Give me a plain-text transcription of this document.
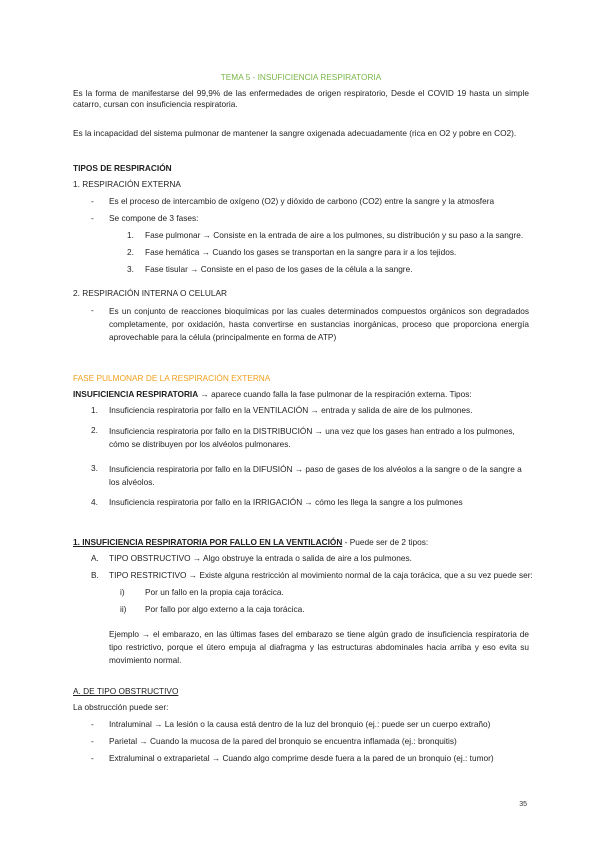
TEMA 5 - INSUFICIENCIA RESPIRATORIA
Es la forma de manifestarse del 99,9% de las enfermedades de origen respiratorio, Desde el COVID 19 hasta un simple catarro, cursan con insuficiencia respiratoria.
Es la incapacidad del sistema pulmonar de mantener la sangre oxigenada adecuadamente (rica en O2 y pobre en CO2).
TIPOS DE RESPIRACIÓN
1. RESPIRACIÓN EXTERNA
- Es el proceso de intercambio de oxígeno (O2) y dióxido de carbono (CO2) entre la sangre y la atmosfera
- Se compone de 3 fases:
1. Fase pulmonar → Consiste en la entrada de aire a los pulmones, su distribución y su paso a la sangre.
2. Fase hemática → Cuando los gases se transportan en la sangre para ir a los tejidos.
3. Fase tisular → Consiste en el paso de los gases de la célula a la sangre.
2. RESPIRACIÓN INTERNA O CELULAR
- Es un conjunto de reacciones bioquímicas por las cuales determinados compuestos orgánicos son degradados completamente, por oxidación, hasta convertirse en sustancias inorgánicas, proceso que proporciona energía aprovechable para la célula (principalmente en forma de ATP)
FASE PULMONAR DE LA RESPIRACIÓN EXTERNA
INSUFICIENCIA RESPIRATORIA → aparece cuando falla la fase pulmonar de la respiración externa. Tipos:
1. Insuficiencia respiratoria por fallo en la VENTILACIÓN → entrada y salida de aire de los pulmones.
2. Insuficiencia respiratoria por fallo en la DISTRIBUCIÓN → una vez que los gases han entrado a los pulmones, cómo se distribuyen por los alvéolos pulmonares.
3. Insuficiencia respiratoria por fallo en la DIFUSIÓN → paso de gases de los alvéolos a la sangre o de la sangre a los alvéolos.
4. Insuficiencia respiratoria por fallo en la IRRIGACIÓN → cómo les llega la sangre a los pulmones
1. INSUFICIENCIA RESPIRATORIA POR FALLO EN LA VENTILACIÓN - Puede ser de 2 tipos:
A. TIPO OBSTRUCTIVO → Algo obstruye la entrada o salida de aire a los pulmones.
B. TIPO RESTRICTIVO → Existe alguna restricción al movimiento normal de la caja torácica, que a su vez puede ser:
i) Por un fallo en la propia caja torácica.
ii) Por fallo por algo externo a la caja torácica.
Ejemplo → el embarazo, en las últimas fases del embarazo se tiene algún grado de insuficiencia respiratoria de tipo restrictivo, porque el útero empuja al diafragma y las estructuras abdominales hacia arriba y eso evita su movimiento normal.
A. DE TIPO OBSTRUCTIVO
La obstrucción puede ser:
- Intraluminal → La lesión o la causa está dentro de la luz del bronquio (ej.: puede ser un cuerpo extraño)
- Parietal → Cuando la mucosa de la pared del bronquio se encuentra inflamada (ej.: bronquitis)
- Extraluminal o extraparietal → Cuando algo comprime desde fuera a la pared de un bronquio (ej.: tumor)
35
